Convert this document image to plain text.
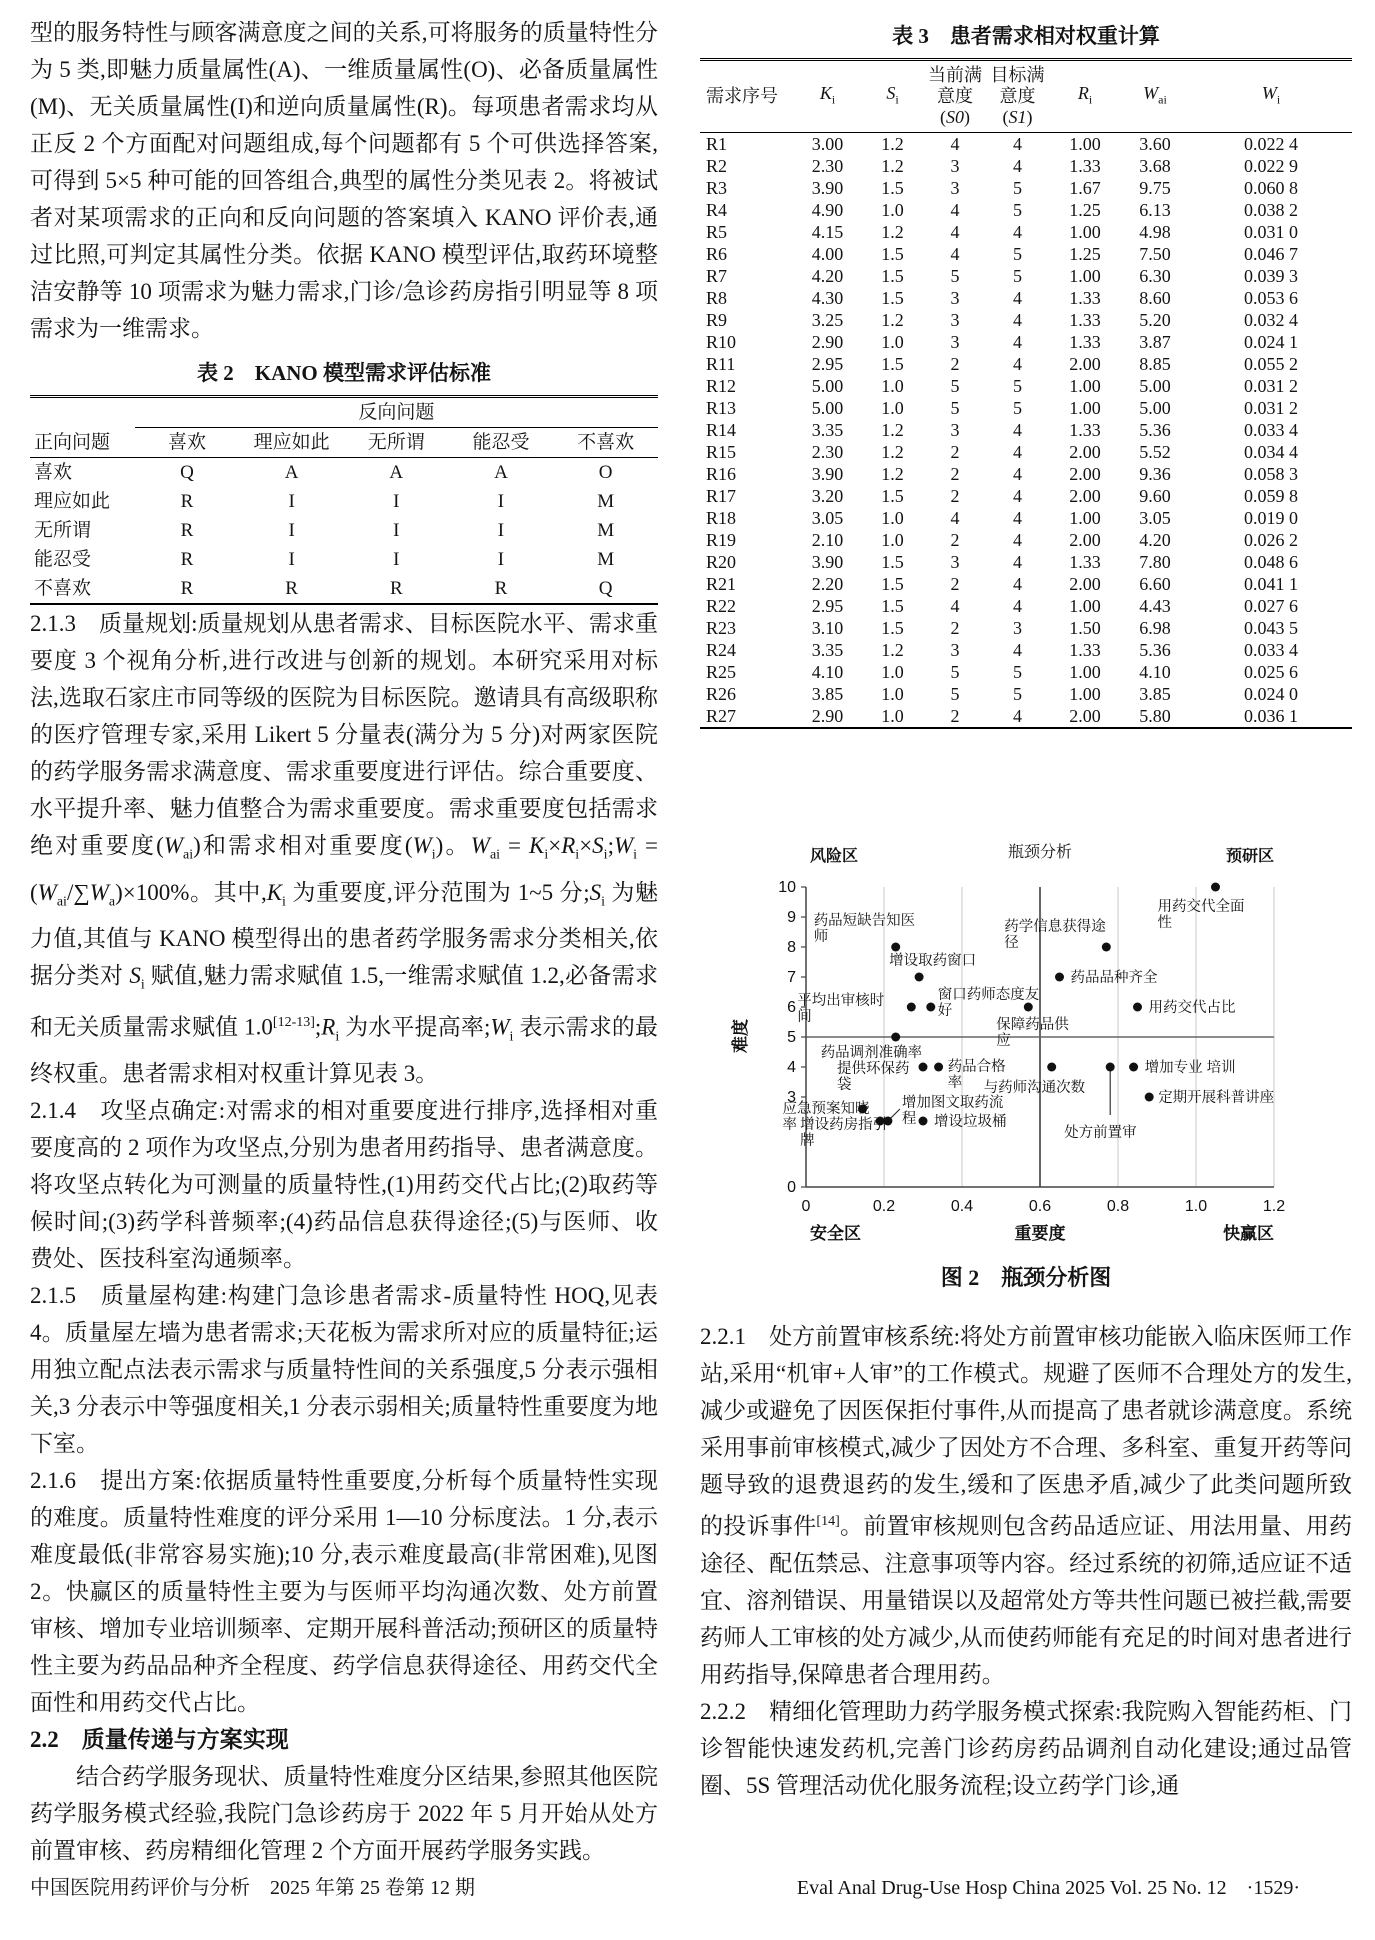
型的服务特性与顾客满意度之间的关系,可将服务的质量特性分为 5 类,即魅力质量属性(A)、一维质量属性(O)、必备质量属性(M)、无关质量属性(I)和逆向质量属性(R)。每项患者需求均从正反 2 个方面配对问题组成,每个问题都有 5 个可供选择答案,可得到 5×5 种可能的回答组合,典型的属性分类见表 2。将被试者对某项需求的正向和反向问题的答案填入 KANO 评价表,通过比照,可判定其属性分类。依据 KANO 模型评估,取药环境整洁安静等 10 项需求为魅力需求,门诊/急诊药房指引明显等 8 项需求为一维需求。

表 2　KANO 模型需求评估标准
正向问题	反向问题				
	喜欢	理应如此	无所谓	能忍受	不喜欢
喜欢	Q	A	A	A	O
理应如此	R	I	I	I	M
无所谓	R	I	I	I	M
能忍受	R	I	I	I	M
不喜欢	R	R	R	R	Q

2.1.3　质量规划:质量规划从患者需求、目标医院水平、需求重要度 3 个视角分析,进行改进与创新的规划。本研究采用对标法,选取石家庄市同等级的医院为目标医院。邀请具有高级职称的医疗管理专家,采用 Likert 5 分量表(满分为 5 分)对两家医院的药学服务需求满意度、需求重要度进行评估。综合重要度、水平提升率、魅力值整合为需求重要度。需求重要度包括需求绝对重要度$(W_{ai})$和需求相对重要度$(W_i)$。$W_{ai}$ = $K_i\times R_i\times S_i;W_i = (W_{ai}/\sum W_a)\times 100\%$。其中$,K_i$ 为重要度,评分范围为 1~5 分$;S_i$ 为魅力值,其值与 KANO 模型得出的患者药学服务需求分类相关,依据分类对 $S_i$ 赋值,魅力需求赋值 1.5,一维需求赋值 1.2,必备需求和无关质量需求赋值 $1.0[12-13];R_i$ 为水平提高率$;W_i$ 表示需求的最终权重。患者需求相对权重计算见表 3。

2.1.4　攻坚点确定:对需求的相对重要度进行排序,选择相对重要度高的 2 项作为攻坚点,分别为患者用药指导、患者满意度。将攻坚点转化为可测量的质量特性,(1)用药交代占比;(2)取药等候时间;(3)药学科普频率;(4)药品信息获得途径;(5)与医师、收费处、医技科室沟通频率。

2.1.5　质量屋构建:构建门急诊患者需求-质量特性 HOQ,见表 4。质量屋左墙为患者需求;天花板为需求所对应的质量特征;运用独立配点法表示需求与质量特性间的关系强度,5 分表示强相关,3 分表示中等强度相关,1 分表示弱相关;质量特性重要度为地下室。

2.1.6　提出方案:依据质量特性重要度,分析每个质量特性实现的难度。质量特性难度的评分采用 1—10 分标度法。1 分,表示难度最低(非常容易实施);10 分,表示难度最高(非常困难),见图 2。快赢区的质量特性主要为与医师平均沟通次数、处方前置审核、增加专业培训频率、定期开展科普活动;预研区的质量特性主要为药品品种齐全程度、药学信息获得途径、用药交代全面性和用药交代占比。

2.2　质量传递与方案实现

结合药学服务现状、质量特性难度分区结果,参照其他医院药学服务模式经验,我院门急诊药房于 2022 年 5 月开始从处方前置审核、药房精细化管理 2 个方面开展药学服务实践。

表 3　患者需求相对权重计算
需求序号	$K_i$	$S_i$	当前满
意度
(S0)	目标满
意度
(S1)	$R_i$	$W_{ai}$	$W_i$
R1	3.00	1.2	4	4	1.00	3.60	0.022 4
R2	2.30	1.2	3	4	1.33	3.68	0.022 9
R3	3.90	1.5	3	5	1.67	9.75	0.060 8
R4	4.90	1.0	4	5	1.25	6.13	0.038 2
R5	4.15	1.2	4	4	1.00	4.98	0.031 0
R6	4.00	1.5	4	5	1.25	7.50	0.046 7
R7	4.20	1.5	5	5	1.00	6.30	0.039 3
R8	4.30	1.5	3	4	1.33	8.60	0.053 6
R9	3.25	1.2	3	4	1.33	5.20	0.032 4
R10	2.90	1.0	3	4	1.33	3.87	0.024 1
R11	2.95	1.5	2	4	2.00	8.85	0.055 2
R12	5.00	1.0	5	5	1.00	5.00	0.031 2
R13	5.00	1.0	5	5	1.00	5.00	0.031 2
R14	3.35	1.2	3	4	1.33	5.36	0.033 4
R15	2.30	1.2	2	4	2.00	5.52	0.034 4
R16	3.90	1.2	2	4	2.00	9.36	0.058 3
R17	3.20	1.5	2	4	2.00	9.60	0.059 8
R18	3.05	1.0	4	4	1.00	3.05	0.019 0
R19	2.10	1.0	2	4	2.00	4.20	0.026 2
R20	3.90	1.5	3	4	1.33	7.80	0.048 6
R21	2.20	1.5	2	4	2.00	6.60	0.041 1
R22	2.95	1.5	4	4	1.00	4.43	0.027 6
R23	3.10	1.5	2	3	1.50	6.98	0.043 5
R24	3.35	1.2	3	4	1.33	5.36	0.033 4
R25	4.10	1.0	5	5	1.00	4.10	0.025 6
R26	3.85	1.0	5	5	1.00	3.85	0.024 0
R27	2.90	1.0	2	4	2.00	5.80	0.036 1
10
9
8
7
6
5
4
3
0
0	0.2	0.4	0.6	0.8	1.0	1.2
风险区	瓶颈分析	预研区
安全区	重要度	快赢区
难度
药品短缺告知医
师
增设取药窗口
平均出审核时
间
窗口药师态度友
好
保障药品供
应
药学信息获得途
径
用药交代全面
性
药品品种齐全
用药交代占比
药品调剂准确率
提供环保药
袋
药品合格
率 与药师沟通次数
处方前置审
增加专业 培训
定期开展科普讲座
应急预案知晓
率
增加图文取药流
程
增设药房指引
牌
增设垃圾桶
图 2　瓶颈分析图

2.2.1　处方前置审核系统:将处方前置审核功能嵌入临床医师工作站,采用“机审+人审”的工作模式。规避了医师不合理处方的发生,减少或避免了因医保拒付事件,从而提高了患者就诊满意度。系统采用事前审核模式,减少了因处方不合理、多科室、重复开药等问题导致的退费退药的发生,缓和了医患矛盾,减少了此类问题所致的投诉事件[14]。前置审核规则包含药品适应证、用法用量、用药途径、配伍禁忌、注意事项等内容。经过系统的初筛,适应证不适宜、溶剂错误、用量错误以及超常处方等共性问题已被拦截,需要药师人工审核的处方减少,从而使药师能有充足的时间对患者进行用药指导,保障患者合理用药。

2.2.2　精细化管理助力药学服务模式探索:我院购入智能药柜、门诊智能快速发药机,完善门诊药房药品调剂自动化建设;通过品管圈、5S 管理活动优化服务流程;设立药学门诊,通

中国医院用药评价与分析　2025 年第 25 卷第 12 期	Eval Anal Drug-Use Hosp China 2025 Vol. 25 No. 12　·1529·
